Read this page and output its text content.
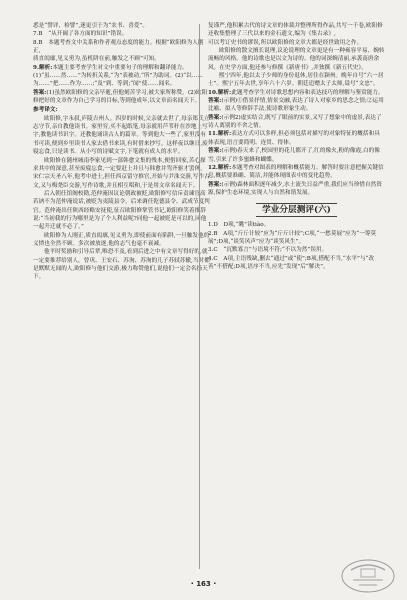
悉是“譬评、检譬”,迷更引于为“农书、喜爱”。

7.B　“从开阔了各方面的知识”错误。

8.B　本题考查文中关系和作者观点态度的能力。根据“欧阳修为人刚正,

质直闳廓,见义勇为,虽机阱在前,触发之不顾”可知。

9.解析:本题主要考查学生对文中重要句子的理解和翻译能力。(1)“虽……然……”为转折关系,“为”表被动,“所”为助词。(2)“以……为……”把……作为……;“及”到、等到;“闻”使……闻名。

答案:(1)虽然欧阳修的父亲早逝,但他刻苦学习,被大家所称赞。(2)欧阳修把好的文章作为自己学习的目标,等到他成年,以文章而名闻天下。

参考译文:

欧阳修,字永叔,庐陵吉州人。四岁的时候,父亲就去世了,母亲郑氏立志守节,亲自教他读书。家里穷,买不起纸笔,母亲就用芦苇秆在沙地上写字,教他读书识字。还教他诵读古人的篇章。等到他大一些了,家里没有书可读,便到乡里读书人家去借书来读,有时借来抄写。这样夜以继日,废寝忘食,只是读书。从小写的诗赋文字,下笔就有成人的水平。

欧阳修在随州城南李家见到一部韩愈文集的残本,便借回家,苦心探求其中的深意,甚至废寝忘食,一定要赶上并且与韩愈并驾齐驱才罢休。宋仁宗天圣八年,他考中进士,担任西京留守推官,开始与尹洙交游,写作古文,又与梅尧臣交游,写作诗歌,并且相互唱和,于是用文章名闻天下。

后入朝任馆阁校勘,范仲淹因议论朝政被贬,欧阳修写信斥责谏官高若讷不为范仲淹说话,被贬为夷陵县令。后来调任乾德县令、武成节度判官。范仲淹出任陕西经略安抚使,征召欧阳修掌管书记,欧阳修笑着推辞说:“当初我的行为哪里是为了个人利益呢?同他一起被贬是可以的,同他一起升迁就不必了。”

欧阳修为人刚正,质直闳廓,见义勇为,即使前面有陷阱,一旦触发他的义愤也全然不顾。多次被放逐,他的志气也毫不衰减。

他平时奖励和引导后辈,唯恐不及,看到后进之中有文章写得好的,就一定要推荐给别人。曾巩、王安石、苏洵、苏洵的儿子苏轼苏辙,当时都是默默无闻的人,欧阳修与他们交游,极力称赞他们,说他们一定会名扬天下。

复谨严,他积累古代的诗文章的体裁并整理所得作品,共写一千卷,欧阳修还收集整理了三代以来的金石遗文,编为《集古录》,

可以考订史书的谬误,所以欧阳修的文章大都是经世致用之作。

欧阳修的散文擅长说理,议论说理的文章更是有一种雍容平易、婉转流畅的风格。他的诗歌也是以文为诗的。他的词深婉清丽,承袭南唐余风。在史学方面,他还参与修撰《新唐书》,并独撰《新五代史》。

熙宁四年,他以太子少师的身份退休,居住在颍州。晚年自号“六一居士”。熙宁五年去世,享年六十六岁。朝廷追赠太子太师,谥号“文忠”。

10.解析:此题考查学生对诗歌思想内容和表达技巧的理解与鉴赏能力。

答案:(示例)①借景抒情,情景交融,表达了诗人对家乡的思念之情;②运用比喻、拟人等修辞手法,使诗歌形象生动。

答案:(示例2)虚实结合,既写了眼前的实景,又写了想象中的虚景,表达了诗人离别的不舍之情。

11.解析:表达方式可以多样,但必须包括对描写的对象特征的概括和具体表现,语言要简明、连贯、得体。

答案:(示例)春天来了,校园里的花儿都开了,红的像火,粉的像霞,白的像雪,引来了许多蜜蜂和蝴蝶。

12.解析:本题考查对图表的理解和概括能力。解答时要注意把握关键信息,概括要准确、简洁,并能体现图表中的变化趋势。

答案:(示例)森林面积逐年减少,水土流失日益严重,我们应当珍惜自然资源,保护生态环境,实现人与自然和谐发展。

学业分层测评(六)

1.D　D项,“眺”读tiào。

2.B　A项,“斤斤计较”应为“斤斤计较”;C项,“一愁莫展”应为“一筹莫展”;D项,“谈笑风声”应为“谈笑风生”。

3.C　“沉默寡言”与语境不符;“不以为然”误用。

4.C　A项,主语残缺,删去“通过”或“使”;B项,搭配不当,“水平”与“改善”不搭配;D项,语序不当,应先“发现”后“解决”。

· 163 ·
